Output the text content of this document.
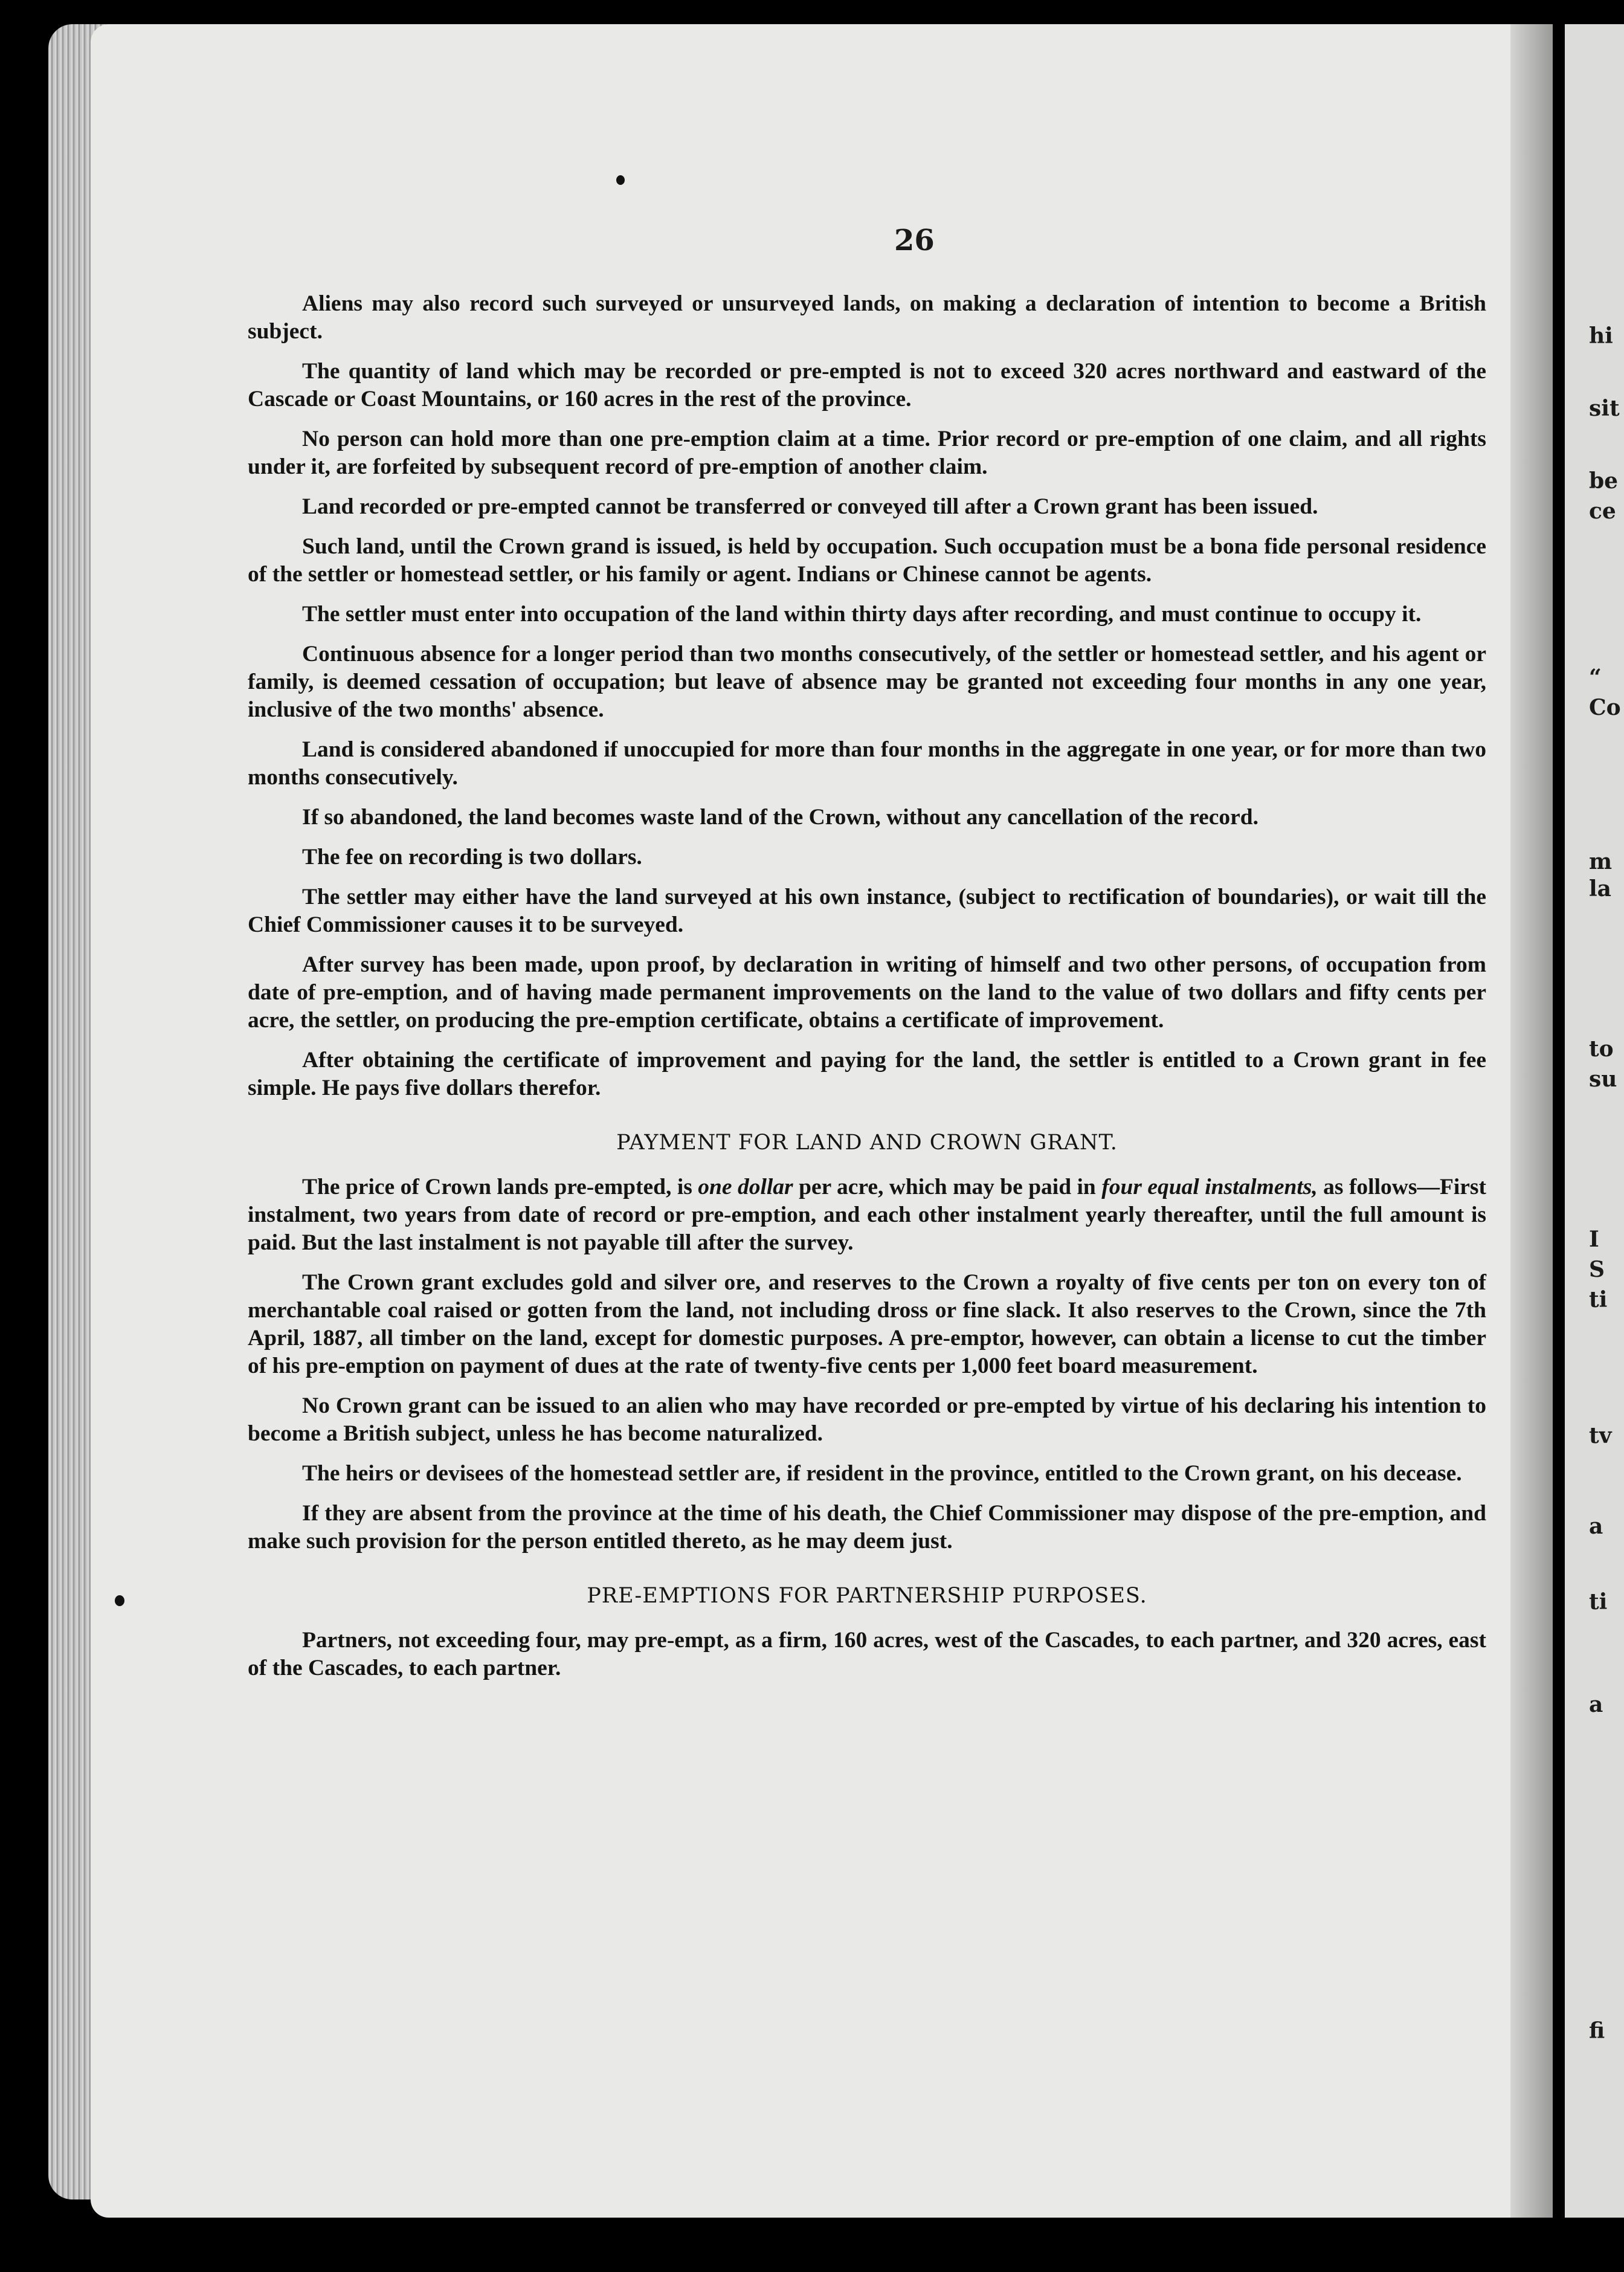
hi
sit
be
ce
“
Co
m
la
to
su
I
S
ti
tv
a
ti
a
fi
26

Aliens may also record such surveyed or unsurveyed lands, on making a declaration of intention to become a British subject.

The quantity of land which may be recorded or pre-empted is not to exceed 320 acres northward and eastward of the Cascade or Coast Mountains, or 160 acres in the rest of the province.

No person can hold more than one pre-emption claim at a time. Prior record or pre-emption of one claim, and all rights under it, are forfeited by subsequent record of pre-emption of another claim.

Land recorded or pre-empted cannot be transferred or conveyed till after a Crown grant has been issued.

Such land, until the Crown grand is issued, is held by occupation. Such occupation must be a bona fide personal residence of the settler or homestead settler, or his family or agent. Indians or Chinese cannot be agents.

The settler must enter into occupation of the land within thirty days after recording, and must continue to occupy it.

Continuous absence for a longer period than two months consecutively, of the settler or homestead settler, and his agent or family, is deemed cessation of occupation; but leave of absence may be granted not exceeding four months in any one year, inclusive of the two months' absence.

Land is considered abandoned if unoccupied for more than four months in the aggregate in one year, or for more than two months consecutively.

If so abandoned, the land becomes waste land of the Crown, without any cancellation of the record.

The fee on recording is two dollars.

The settler may either have the land surveyed at his own instance, (subject to rectification of boundaries), or wait till the Chief Commissioner causes it to be surveyed.

After survey has been made, upon proof, by declaration in writing of himself and two other persons, of occupation from date of pre-emption, and of having made permanent improvements on the land to the value of two dollars and fifty cents per acre, the settler, on producing the pre-emption certificate, obtains a certificate of improvement.

After obtaining the certificate of improvement and paying for the land, the settler is entitled to a Crown grant in fee simple. He pays five dollars therefor.

PAYMENT FOR LAND AND CROWN GRANT.

The price of Crown lands pre-empted, is one dollar per acre, which may be paid in four equal instalments, as follows—First instalment, two years from date of record or pre-emption, and each other instalment yearly thereafter, until the full amount is paid. But the last instalment is not payable till after the survey.

The Crown grant excludes gold and silver ore, and reserves to the Crown a royalty of five cents per ton on every ton of merchantable coal raised or gotten from the land, not including dross or fine slack. It also reserves to the Crown, since the 7th April, 1887, all timber on the land, except for domestic purposes. A pre-emptor, however, can obtain a license to cut the timber of his pre-emption on payment of dues at the rate of twenty-five cents per 1,000 feet board measurement.

No Crown grant can be issued to an alien who may have recorded or pre-empted by virtue of his declaring his intention to become a British subject, unless he has become naturalized.

The heirs or devisees of the homestead settler are, if resident in the province, entitled to the Crown grant, on his decease.

If they are absent from the province at the time of his death, the Chief Commissioner may dispose of the pre-emption, and make such provision for the person entitled thereto, as he may deem just.

PRE-EMPTIONS FOR PARTNERSHIP PURPOSES.

Partners, not exceeding four, may pre-empt, as a firm, 160 acres, west of the Cascades, to each partner, and 320 acres, east of the Cascades, to each partner.
